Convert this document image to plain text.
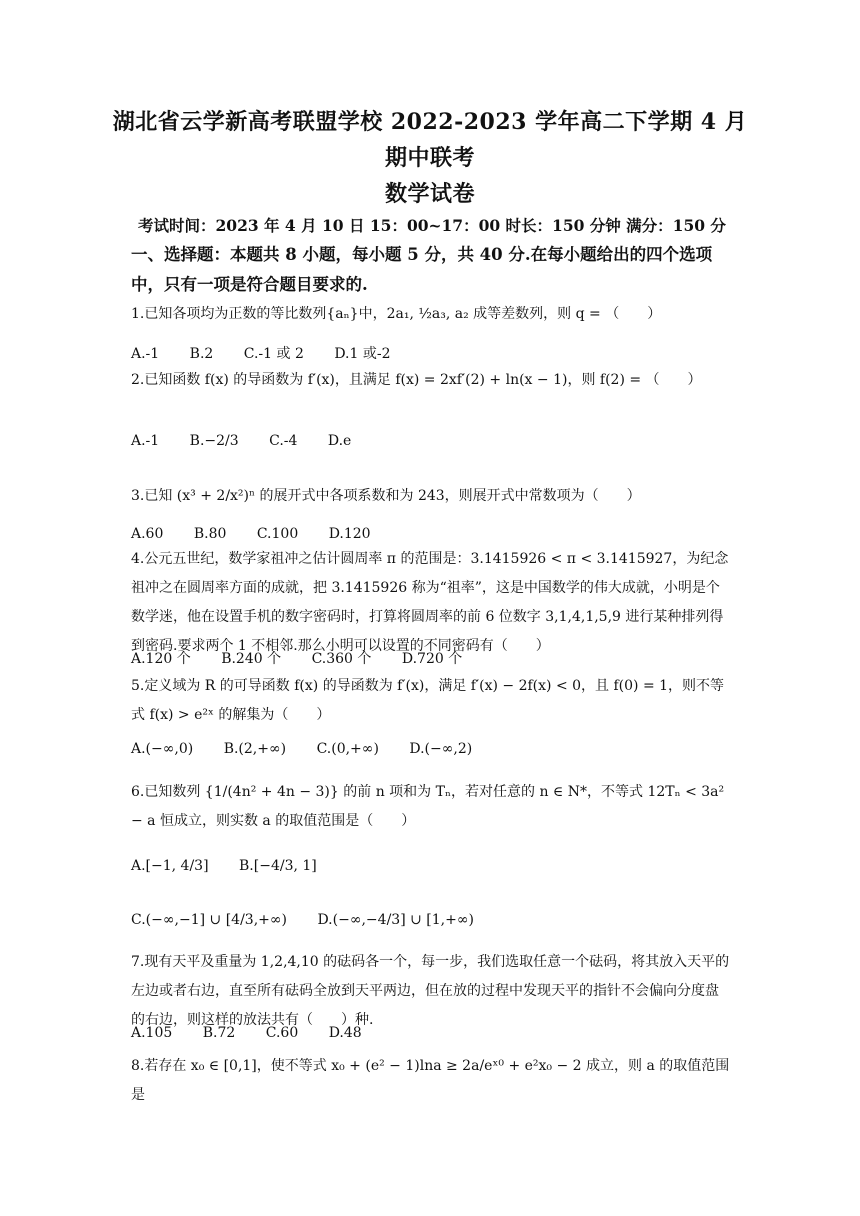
湖北省云学新高考联盟学校 2022-2023 学年高二下学期 4 月
期中联考
数学试卷
考试时间：2023 年 4 月 10 日 15：00~17：00 时长：150 分钟 满分：150 分
一、选择题：本题共 8 小题，每小题 5 分，共 40 分.在每小题给出的四个选项中，只有一项是符合题目要求的.
1.已知各项均为正数的等比数列{aₙ}中，2a₁, ½a₃, a₂ 成等差数列，则 q = （　　）
A.-1 B.2 C.-1 或 2 D.1 或-2
2.已知函数 f(x) 的导函数为 f′(x)，且满足 f(x) = 2xf′(2) + ln(x − 1)，则 f(2) = （　　）
A.-1 B.−2/3 C.-4 D.e
3.已知 (x³ + 2/x²)ⁿ 的展开式中各项系数和为 243，则展开式中常数项为（　　）
A.60 B.80 C.100 D.120
4.公元五世纪，数学家祖冲之估计圆周率 π 的范围是：3.1415926 < π < 3.1415927，为纪念祖冲之在圆周率方面的成就，把 3.1415926 称为“祖率”，这是中国数学的伟大成就，小明是个数学迷，他在设置手机的数字密码时，打算将圆周率的前 6 位数字 3,1,4,1,5,9 进行某种排列得到密码.要求两个 1 不相邻.那么小明可以设置的不同密码有（　　）
A.120 个 B.240 个 C.360 个 D.720 个
5.定义域为 R 的可导函数 f(x) 的导函数为 f′(x)，满足 f′(x) − 2f(x) < 0，且 f(0) = 1，则不等式 f(x) > e²ˣ 的解集为（　　）
A.(−∞,0) B.(2,+∞) C.(0,+∞) D.(−∞,2)
6.已知数列 {1/(4n² + 4n − 3)} 的前 n 项和为 Tₙ，若对任意的 n ∈ N*，不等式 12Tₙ < 3a² − a 恒成立，则实数 a 的取值范围是（　　）
A.[−1, 4/3] B.[−4/3, 1]
C.(−∞,−1] ∪ [4/3,+∞) D.(−∞,−4/3] ∪ [1,+∞)
7.现有天平及重量为 1,2,4,10 的砝码各一个，每一步，我们选取任意一个砝码，将其放入天平的左边或者右边，直至所有砝码全放到天平两边，但在放的过程中发现天平的指针不会偏向分度盘的右边，则这样的放法共有（　　）种.
A.105 B.72 C.60 D.48
8.若存在 x₀ ∈ [0,1]，使不等式 x₀ + (e² − 1)lna ≥ 2a/eˣ⁰ + e²x₀ − 2 成立，则 a 的取值范围是
